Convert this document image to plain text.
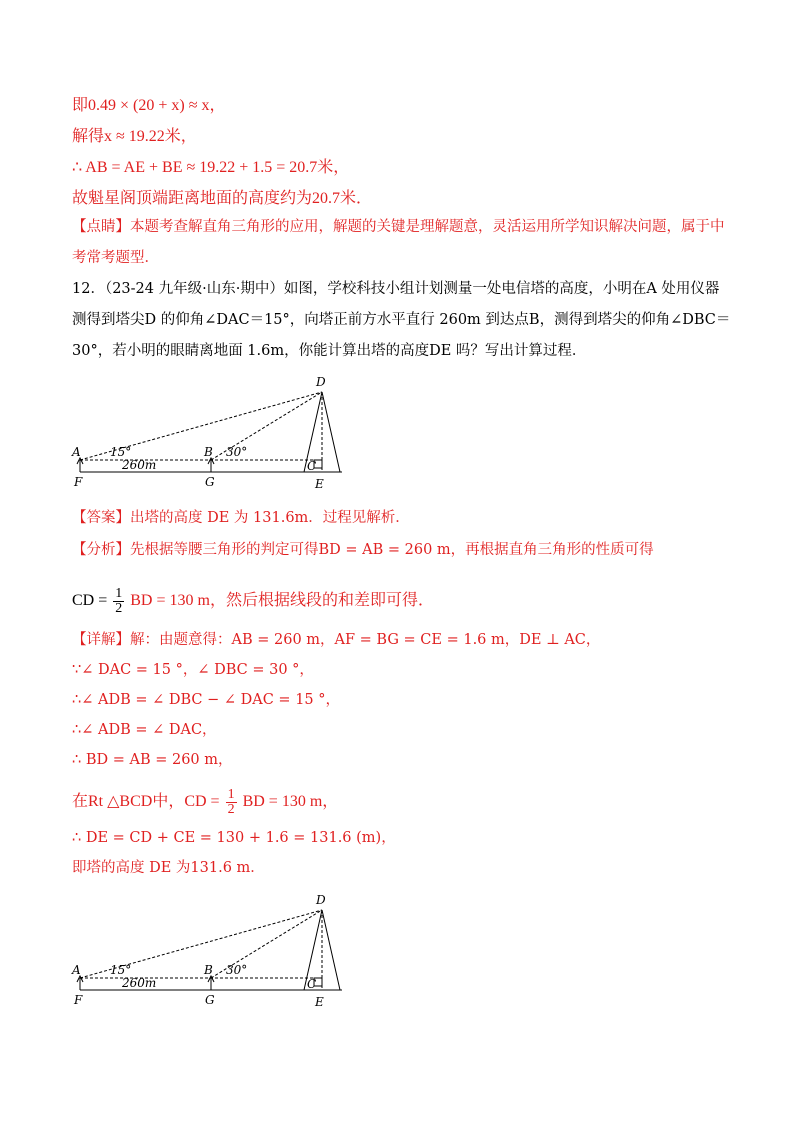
即0.49 × (20 + x) ≈ x，
解得x ≈ 19.22米，
∴ AB = AE + BE ≈ 19.22 + 1.5 = 20.7米，
故魁星阁顶端距离地面的高度约为20.7米．
【点睛】本题考查解直角三角形的应用，解题的关键是理解题意，灵活运用所学知识解决问题，属于中考常考题型．
12．（23-24 九年级·山东·期中）如图，学校科技小组计划测量一处电信塔的高度，小明在A 处用仪器测得到塔尖D 的仰角∠DAC＝15°，向塔正前方水平直行 260m 到达点B，测得到塔尖的仰角∠DBC＝30°，若小明的眼睛离地面 1.6m，你能计算出塔的高度DE 吗？写出计算过程．
D
A 15°	B 30°
260m	C
F	G	E
【答案】出塔的高度 DE 为 131.6m．过程见解析．
【分析】先根据等腰三角形的判定可得BD = AB = 260 m，再根据直角三角形的性质可得
CD = $\frac{1}{2}$ BD = 130 m，然后根据线段的和差即可得．
【详解】解：由题意得：AB = 260 m，AF = BG = CE = 1.6 m，DE ⊥ AC，
∵∠ DAC = 15 °，∠ DBC = 30 °，
∴∠ ADB = ∠ DBC − ∠ DAC = 15 °，
∴∠ ADB = ∠ DAC，
∴ BD = AB = 260 m，
在Rt △BCD中，CD = $\frac{1}{2}$ BD = 130 m，
∴ DE = CD + CE = 130 + 1.6 = 131.6 (m)，
即塔的高度 DE 为131.6 m．
D
A 15°	B 30°
260m	C
F	G	E
